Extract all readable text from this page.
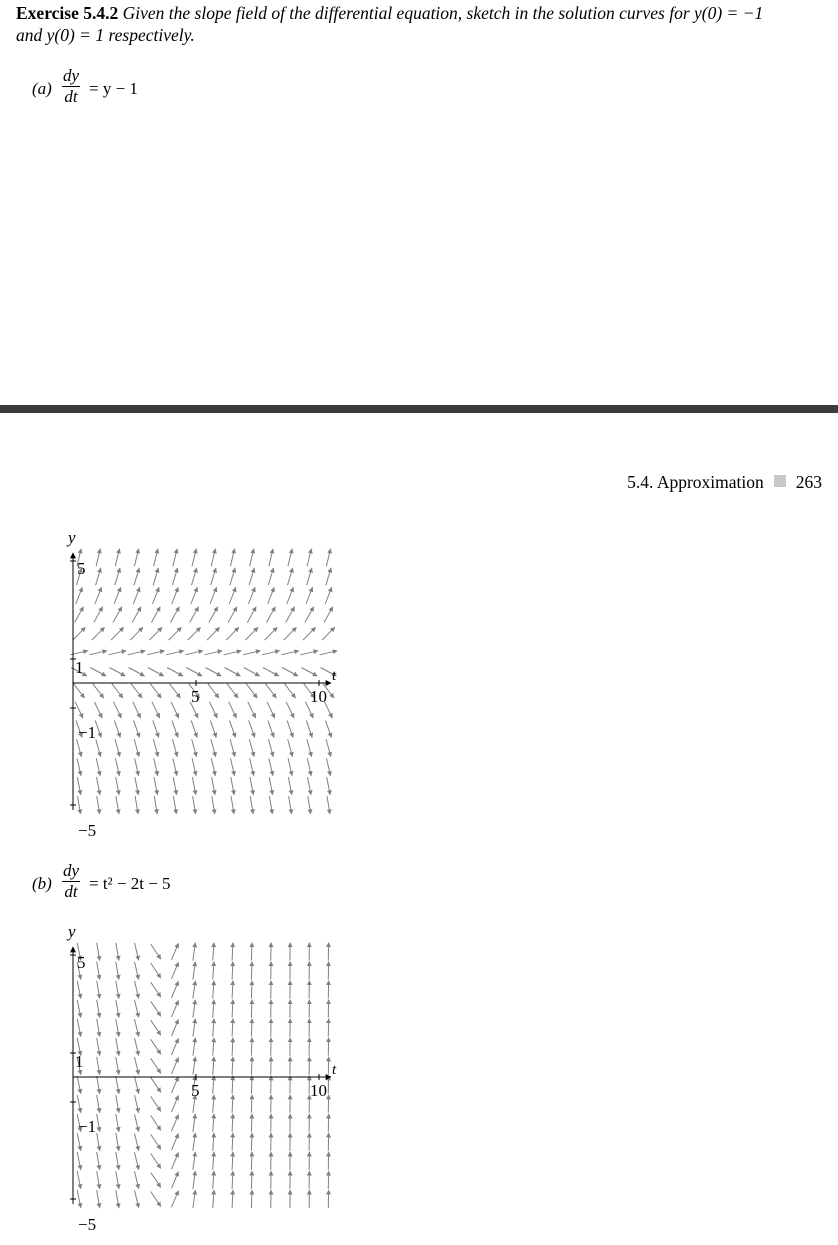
Exercise 5.4.2 Given the slope field of the differential equation, sketch in the solution curves for y(0) = −1
and y(0) = 1 respectively.
$(a) \frac{dy}{dt} = y - 1$
5.4. Approximation 263
y
t
5	10
5
1
−1
−5
$(b) \frac{dy}{dt} = t^2 - 2t - 5$
y
t
5	10
5
1
−1
−5
